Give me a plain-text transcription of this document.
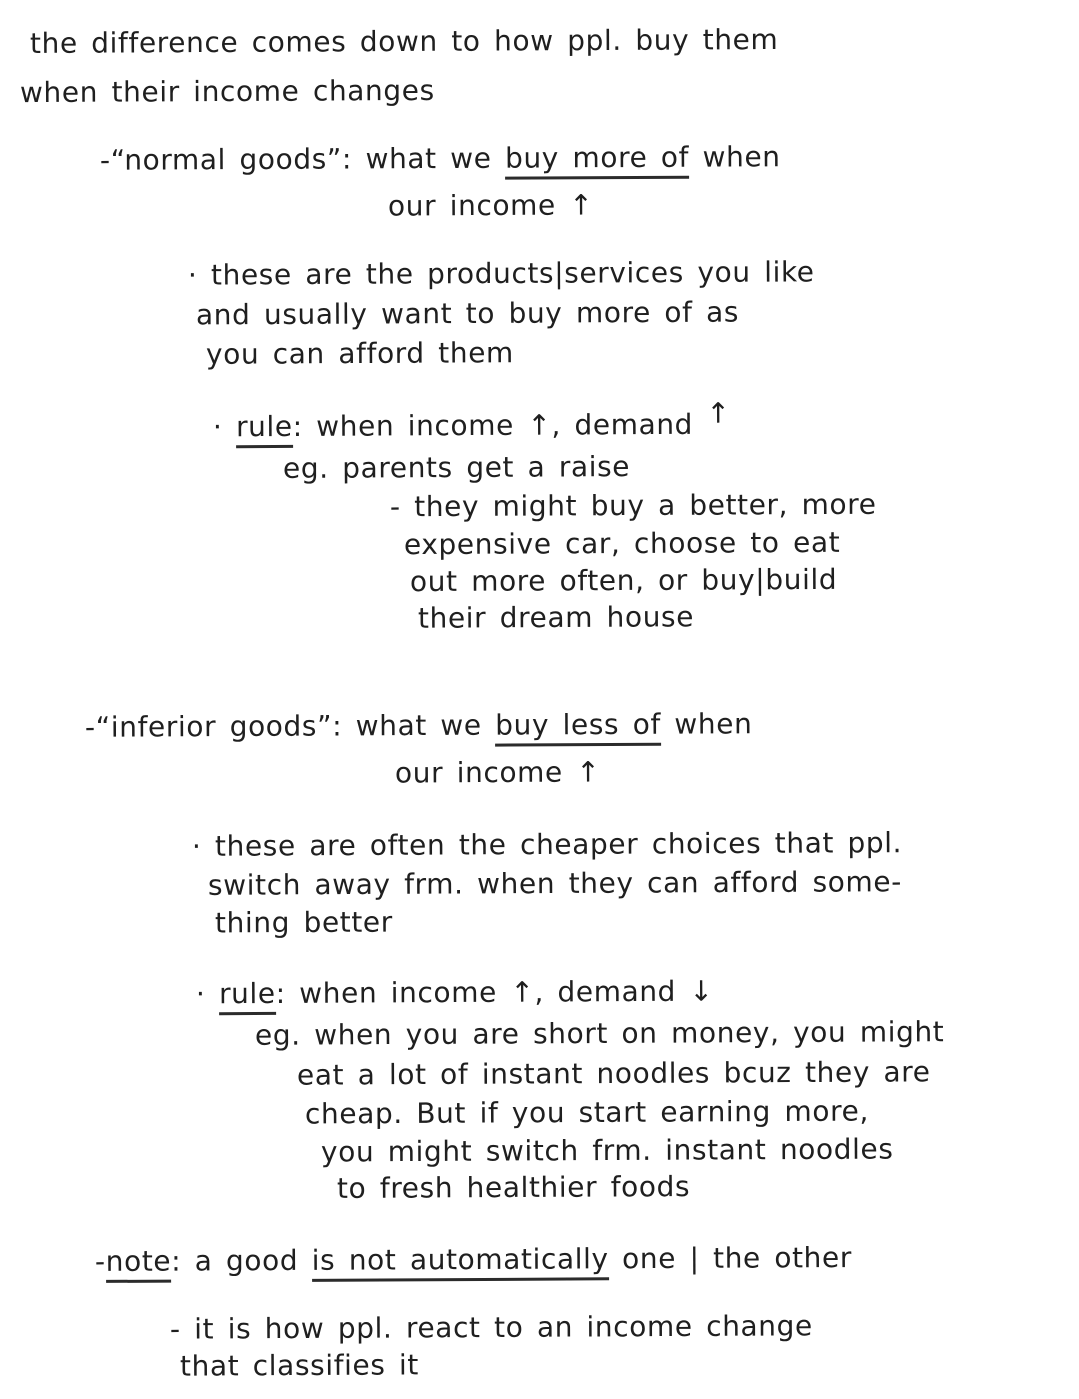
the difference comes down to how ppl. buy them
when their income changes
-“normal goods”: what we buy more of when
our income ↑
· these are the products|services you like
and usually want to buy more of as
you can afford them
· rule: when income ↑, demand ↑
eg. parents get a raise
- they might buy a better, more
expensive car, choose to eat
out more often, or buy|build
their dream house
-“inferior goods”: what we buy less of when
our income ↑
· these are often the cheaper choices that ppl.
switch away frm. when they can afford some-
thing better
· rule: when income ↑, demand ↓
eg. when you are short on money, you might
eat a lot of instant noodles bcuz they are
cheap. But if you start earning more,
you might switch frm. instant noodles
to fresh healthier foods
-note: a good is not automatically one | the other
- it is how ppl. react to an income change
that classifies it
